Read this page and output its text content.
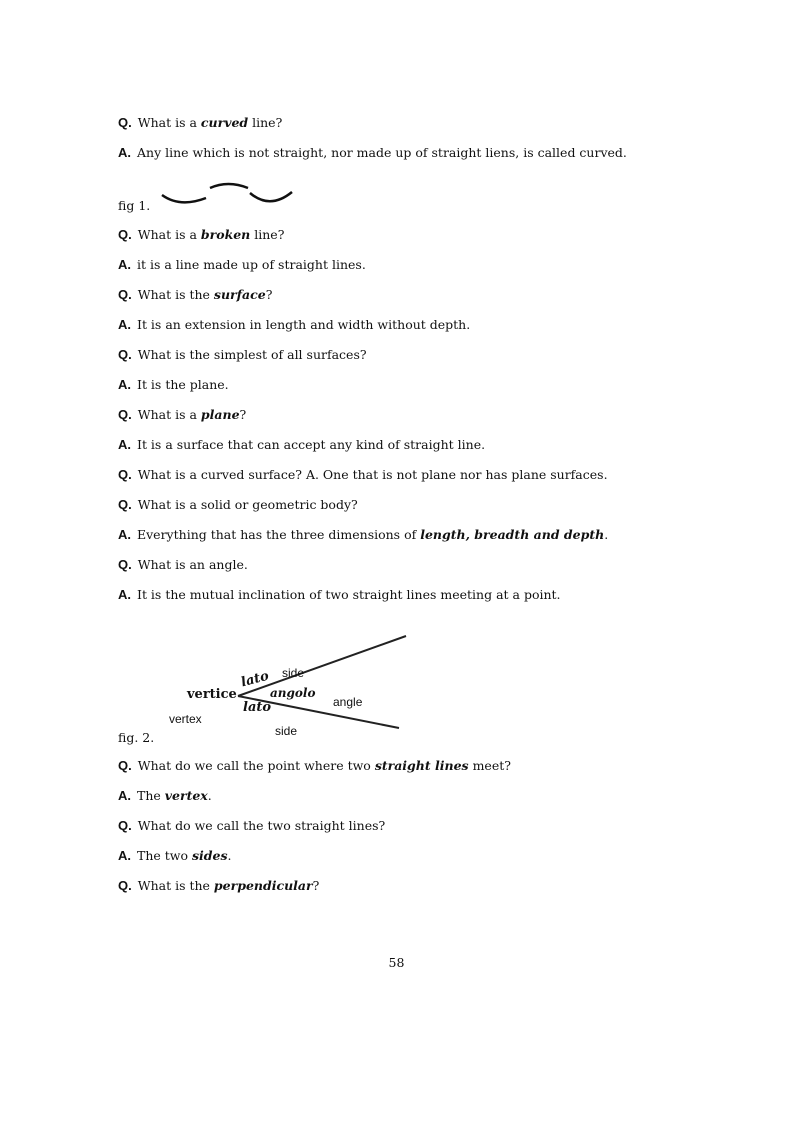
Q. What is a curved line?
A. Any line which is not straight, nor made up of straight liens, is called curved.
Q. What is a broken line?
A. it is a line made up of straight lines.
Q. What is the surface?
A. It is an extension in length and width without depth.
Q. What is the simplest of all surfaces?
A. It is the plane.
Q. What is a plane?
A. It is a surface that can accept any kind of straight line.
Q. What is a curved surface? A. One that is not plane nor has plane surfaces.
Q. What is a solid or geometric body?
A. Everything that has the three dimensions of length, breadth and depth.
Q. What is an angle.
A. It is the mutual inclination of two straight lines meeting at a point.
Q. What do we call the point where two straight lines meet?
A. The vertex.
Q. What do we call the two straight lines?
A. The two sides.
Q. What is the perpendicular?
fig 1.
vertice
lato
lato
angolo
side
angle
vertex
side
fig. 2.
58
